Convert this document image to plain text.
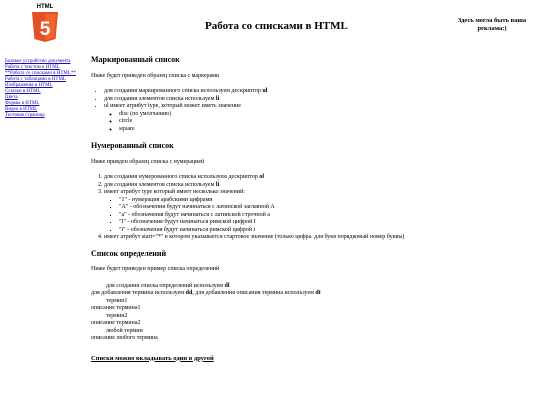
HTML
5	Работа со списками в HTML	Здесь могла быть ваша реклама:)
Базовое устройство документа
Работа с текстом в HTML
**Работа со списками в HTML**
Работа с таблицами в HTML
Изображения в HTML
Ссылки в HTML
Цвета
Формы в HTML
Видео в HTML
Тестовая страница
Маркированный список

Ниже будет приведен образец списка с маркерами

• для создания маркированного списка используем дескриптор ul
• для создания элементов списка используем li
• ul имеет атрибут type, который может иметь значение
◦ disc (по умолчанию)
◦ circle
◦ square
Нумерованный список

Ниже привден образец списка с нумерацией

1. для создания нумерованного списка используем дескриптор ol
2. для создания элементов списка используем li
3. имеет атрибут type который имеет несколько значений:
▪ "1" - нумерация арабскими цифрами
▪ "A" - обозначения будут начинаться с латинской заглавной A
▪ "a" - обозначения будут начинаться с латинской строчной a
▪ "I" - обозначения будут начинаться римской цифрой I
▪ "i" - обозначения будут начинаться римской цифрой i
4. имеет атрибут start="*" в котором указывается стартовое значение (только цифра. для букв порядковый номер буквы)
Список определений

Ниже будет приведен пример списка определений

для создания списка определений используем dl
для добавления термина используем dd, для добавления описания термина используем dt
термин1
описание термина1
термин2
описание термина2
любой термин
описание любого термина

Списки можно вкладывать один в другой
